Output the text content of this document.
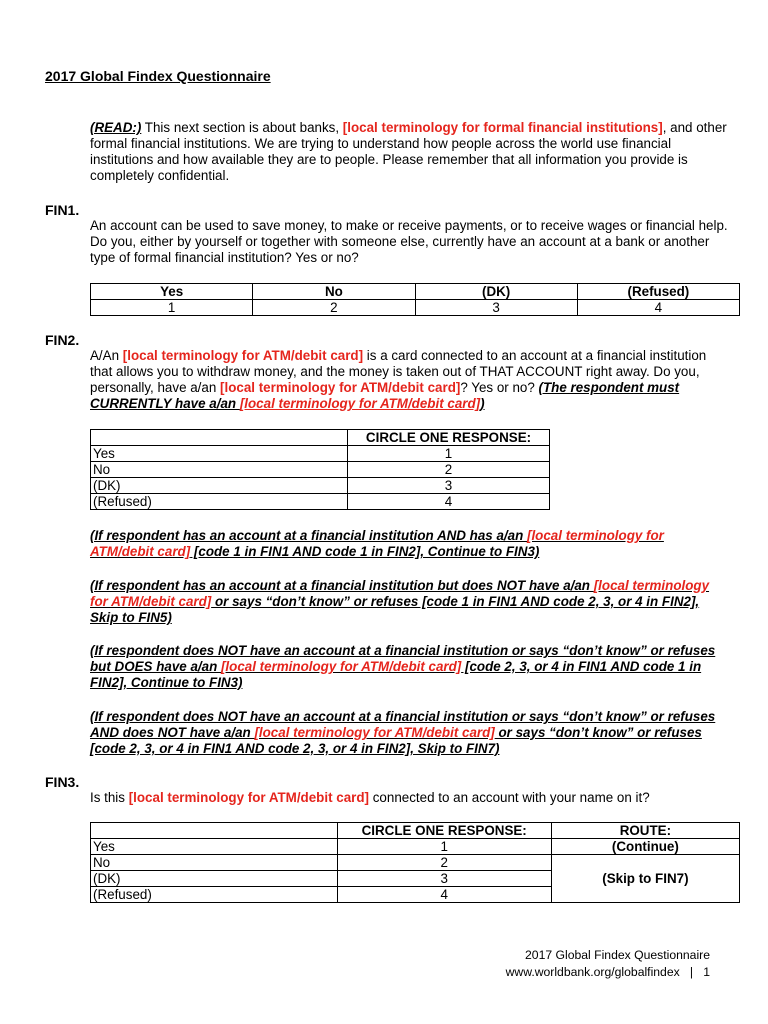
2017 Global Findex Questionnaire
(READ:) This next section is about banks, [local terminology for formal financial institutions], and other formal financial institutions. We are trying to understand how people across the world use financial institutions and how available they are to people. Please remember that all information you provide is completely confidential.
FIN1.
An account can be used to save money, to make or receive payments, or to receive wages or financial help. Do you, either by yourself or together with someone else, currently have an account at a bank or another type of formal financial institution? Yes or no?
Yes	No	(DK)	(Refused)
1	2	3	4
FIN2.
A/An [local terminology for ATM/debit card] is a card connected to an account at a financial institution that allows you to withdraw money, and the money is taken out of THAT ACCOUNT right away. Do you, personally, have a/an [local terminology for ATM/debit card]? Yes or no? (The respondent must CURRENTLY have a/an [local terminology for ATM/debit card])
	CIRCLE ONE RESPONSE:
Yes	1
No	2
(DK)	3
(Refused)	4
(If respondent has an account at a financial institution AND has a/an [local terminology for ATM/debit card] [code 1 in FIN1 AND code 1 in FIN2], Continue to FIN3)
(If respondent has an account at a financial institution but does NOT have a/an [local terminology for ATM/debit card] or says “don’t know” or refuses [code 1 in FIN1 AND code 2, 3, or 4 in FIN2], Skip to FIN5)
(If respondent does NOT have an account at a financial institution or says “don’t know” or refuses but DOES have a/an [local terminology for ATM/debit card] [code 2, 3, or 4 in FIN1 AND code 1 in FIN2], Continue to FIN3)
(If respondent does NOT have an account at a financial institution or says “don’t know” or refuses AND does NOT have a/an [local terminology for ATM/debit card] or says “don’t know” or refuses [code 2, 3, or 4 in FIN1 AND code 2, 3, or 4 in FIN2], Skip to FIN7)
FIN3.
Is this [local terminology for ATM/debit card] connected to an account with your name on it?
	CIRCLE ONE RESPONSE:	ROUTE:
Yes	1	(Continue)
No	2	(Skip to FIN7)
(DK)	3	
(Refused)	4	
2017 Global Findex Questionnaire
www.worldbank.org/globalfindex | 1
